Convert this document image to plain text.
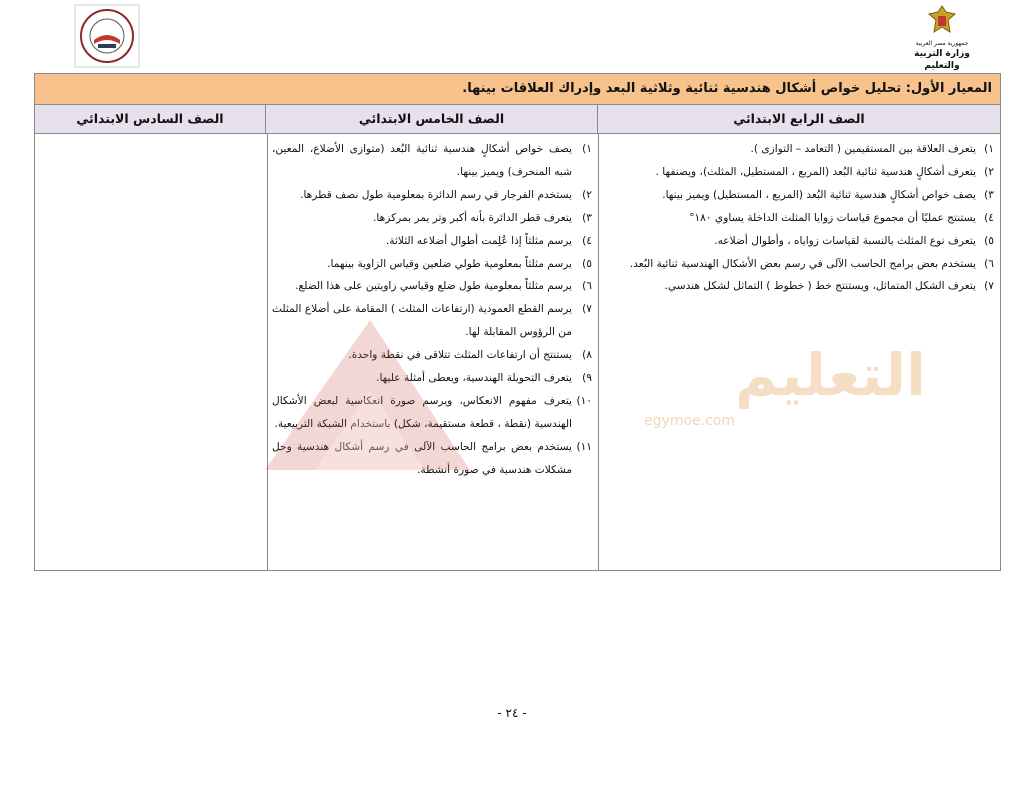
جمهورية مصر العربية
وزارة التربية والتعليم
المعيار الأول: تحليل خواص أشكال هندسية ثنائية وثلاثية البعد وإدراك العلاقات بينها.
الصف الرابع الابتدائي
الصف الخامس الابتدائي
الصف السادس الابتدائي
١)
يتعرف العلاقة بين المستقيمين ( التعامد – التوازى ).
٢)
يتعرف أشكالٍ هندسية ثنائية البُعد (المربع ، المستطيل، المثلث)، ويصنفها .
٣)
يصف خواص أشكالٍ هندسية ثنائية البُعد (المربع ، المستطيل) ويميز بينها.
٤)
يستنتج عمليًا أن مجموع قياسات زوايا المثلث الداخلة يساوي ١٨٠°
٥)
يتعرف نوع المثلث بالنسبة لقياسات زواياه ، وأطوال أضلاعه.
٦)
يستخدم بعض برامج الحاسب الآلى في رسم بعض الأشكال الهندسية ثنائية البُعد.
٧)
يتعرف الشكل المتماثل، ويستنتج خط ( خطوط ) التماثل لشكل هندسي.
١)
يصف خواص أشكالٍ هندسية ثنائية البُعد (متوازى الأضلاع، المعين، شبه المنحرف) ويميز بينها.
٢)
يستخدم الفرجار في رسم الدائرة بمعلومية طول نصف قطرها.
٣)
يتعرف قطر الدائرة بأنه أكبر وتر يمر بمركزها.
٤)
يرسم مثلثاً إذا عُلِمت أطوال أضلاعه الثلاثة.
٥)
يرسم مثلثاً بمعلومية طولي ضلعين وقياس الزاوية بينهما.
٦)
يرسم مثلثاً بمعلومية طول ضلع وقياسي زاويتين على هذا الضلع.
٧)
يرسم القطع العمودية (ارتفاعات المثلث ) المقامة على أضلاع المثلث من الرؤوس المقابلة لها.
٨)
يستنتج أن ارتفاعات المثلث تتلاقى في نقطة واحدة.
٩)
يتعرف التحويلة الهندسية، ويعطى أمثلة عليها.
١٠)
يتعرف مفهوم الانعكاس، ويرسم صورة انعكاسية لبعض الأشكال الهندسية (نقطة ، قطعة مستقيمة، شكل) باستخدام الشبكة التربيعية.
١١)
يستخدم بعض برامج الحاسب الآلى في رسم أشكال هندسية وحل مشكلات هندسية في صورة أنشطة.
التعليم
egymoe.com
- ٢٤ -
